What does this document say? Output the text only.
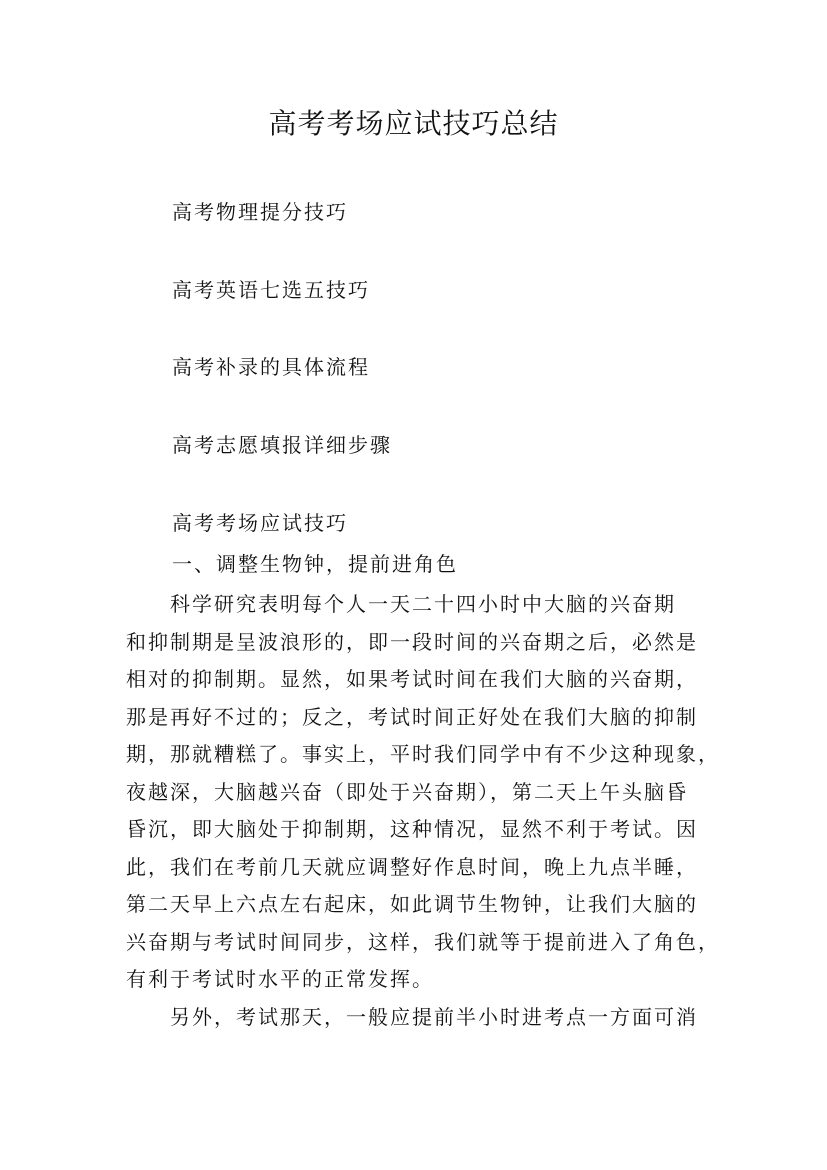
高考考场应试技巧总结
高考物理提分技巧
高考英语七选五技巧
高考补录的具体流程
高考志愿填报详细步骤
高考考场应试技巧
一、调整生物钟，提前进角色
　　科学研究表明每个人一天二十四小时中大脑的兴奋期
和抑制期是呈波浪形的，即一段时间的兴奋期之后，必然是
相对的抑制期。显然，如果考试时间在我们大脑的兴奋期，
那是再好不过的；反之，考试时间正好处在我们大脑的抑制
期，那就糟糕了。事实上，平时我们同学中有不少这种现象，
夜越深，大脑越兴奋（即处于兴奋期），第二天上午头脑昏
昏沉，即大脑处于抑制期，这种情况，显然不利于考试。因
此，我们在考前几天就应调整好作息时间，晚上九点半睡，
第二天早上六点左右起床，如此调节生物钟，让我们大脑的
兴奋期与考试时间同步，这样，我们就等于提前进入了角色，
有利于考试时水平的正常发挥。
　　另外，考试那天，一般应提前半小时进考点一方面可消
